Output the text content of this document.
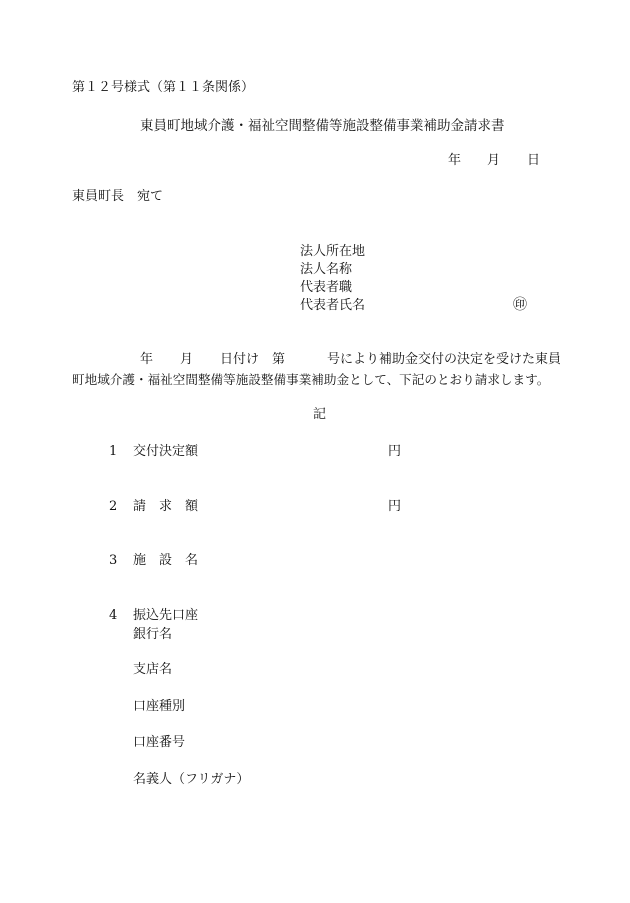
第１２号様式（第１１条関係）
東員町地域介護・福祉空間整備等施設整備事業補助金請求書
年 月 日
東員町長　宛て
法人所在地
法人名称
代表者職
代表者氏名	㊞
年 月 日付け 第	号により補助金交付の決定を受けた東員
町地域介護・福祉空間整備等施設整備事業補助金として、下記のとおり請求します。
記
1 交付決定額	円
2 請　求　額	円
3 施　設　名
4 振込先口座
銀行名
支店名
口座種別
口座番号
名義人（フリガナ）
